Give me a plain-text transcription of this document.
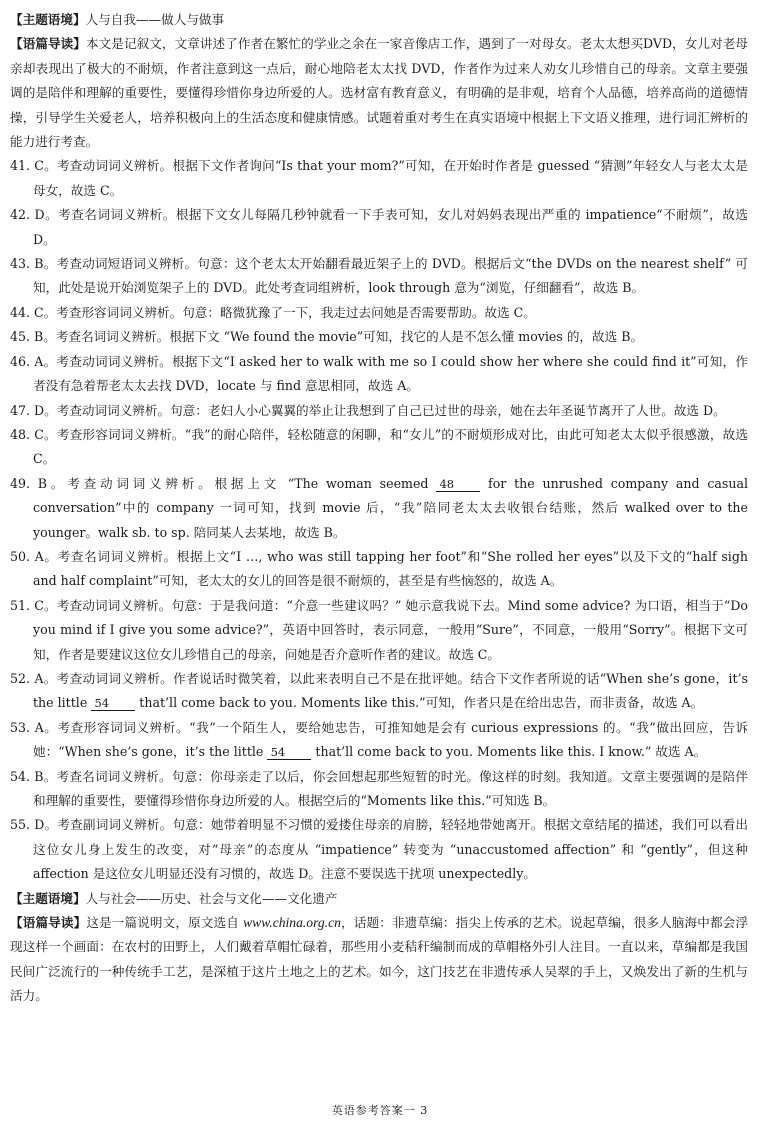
【主题语境】人与自我——做人与做事

【语篇导读】本文是记叙文，文章讲述了作者在繁忙的学业之余在一家音像店工作，遇到了一对母女。老太太想买DVD，女儿对老母亲却表现出了极大的不耐烦，作者注意到这一点后，耐心地陪老太太找 DVD，作者作为过来人劝女儿珍惜自己的母亲。文章主要强调的是陪伴和理解的重要性，要懂得珍惜你身边所爱的人。选材富有教育意义，有明确的是非观，培育个人品德，培养高尚的道德情操，引导学生关爱老人，培养积极向上的生活态度和健康情感。试题着重对考生在真实语境中根据上下文语义推理，进行词汇辨析的能力进行考查。

41. C。考查动词词义辨析。根据下文作者询问“Is that your mom?”可知，在开始时作者是 guessed “猜测”年轻女人与老太太是母女，故选 C。

42. D。考查名词词义辨析。根据下文女儿每隔几秒钟就看一下手表可知，女儿对妈妈表现出严重的 impatience“不耐烦”，故选 D。

43. B。考查动词短语词义辨析。句意：这个老太太开始翻看最近架子上的 DVD。根据后文“the DVDs on the nearest shelf” 可知，此处是说开始浏览架子上的 DVD。此处考查词组辨析，look through 意为“浏览，仔细翻看”，故选 B。

44. C。考查形容词词义辨析。句意：略微犹豫了一下，我走过去问她是否需要帮助。故选 C。

45. B。考查名词词义辨析。根据下文 “We found the movie”可知，找它的人是不怎么懂 movies 的，故选 B。

46. A。考查动词词义辨析。根据下文“I asked her to walk with me so I could show her where she could find it”可知，作者没有急着帮老太太去找 DVD，locate 与 find 意思相同，故选 A。

47. D。考查动词词义辨析。句意：老妇人小心翼翼的举止让我想到了自己已过世的母亲，她在去年圣诞节离开了人世。故选 D。

48. C。考查形容词词义辨析。“我”的耐心陪伴，轻松随意的闲聊，和“女儿”的不耐烦形成对比，由此可知老太太似乎很感激，故选 C。

49. B。考查动词词义辨析。根据上文 “The woman seemed 48 for the unrushed company and casual conversation”中的 company 一词可知，找到 movie 后，“我”陪同老太太去收银台结账，然后 walked over to the younger。walk sb. to sp. 陪同某人去某地，故选 B。

50. A。考查名词词义辨析。根据上文“I …, who was still tapping her foot”和“She rolled her eyes”以及下文的“half sigh and half complaint”可知，老太太的女儿的回答是很不耐烦的，甚至是有些恼怒的，故选 A。

51. C。考查动词词义辨析。句意：于是我问道：“介意一些建议吗？” 她示意我说下去。Mind some advice? 为口语，相当于“Do you mind if I give you some advice?”，英语中回答时，表示同意，一般用“Sure”，不同意，一般用“Sorry”。根据下文可知，作者是要建议这位女儿珍惜自己的母亲，问她是否介意听作者的建议。故选 C。

52. A。考查动词词义辨析。作者说话时微笑着，以此来表明自己不是在批评她。结合下文作者所说的话“When she’s gone，it’s the little 54 that’ll come back to you. Moments like this.”可知，作者只是在给出忠告，而非责备，故选 A。

53. A。考查形容词词义辨析。“我”一个陌生人，要给她忠告，可推知她是会有 curious expressions 的。“我”做出回应，告诉她：“When she’s gone，it’s the little 54 that’ll come back to you. Moments like this. I know.” 故选 A。

54. B。考查名词词义辨析。句意：你母亲走了以后，你会回想起那些短暂的时光。像这样的时刻。我知道。文章主要强调的是陪伴和理解的重要性，要懂得珍惜你身边所爱的人。根据空后的“Moments like this.”可知选 B。

55. D。考查副词词义辨析。句意：她带着明显不习惯的爱搂住母亲的肩膀，轻轻地带她离开。根据文章结尾的描述，我们可以看出这位女儿身上发生的改变，对“母亲”的态度从 “impatience” 转变为 “unaccustomed affection” 和 “gently”，但这种 affection 是这位女儿明显还没有习惯的，故选 D。注意不要误选干扰项 unexpectedly。

【主题语境】人与社会——历史、社会与文化——文化遗产

【语篇导读】这是一篇说明文，原文选自 www.china.org.cn，话题：非遗草编：指尖上传承的艺术。说起草编，很多人脑海中都会浮现这样一个画面：在农村的田野上，人们戴着草帽忙碌着，那些用小麦秸秆编制而成的草帽格外引人注目。一直以来，草编都是我国民间广泛流行的一种传统手工艺，是深植于这片土地之上的艺术。如今，这门技艺在非遗传承人吴翠的手上，又焕发出了新的生机与活力。

英语参考答案一 3
